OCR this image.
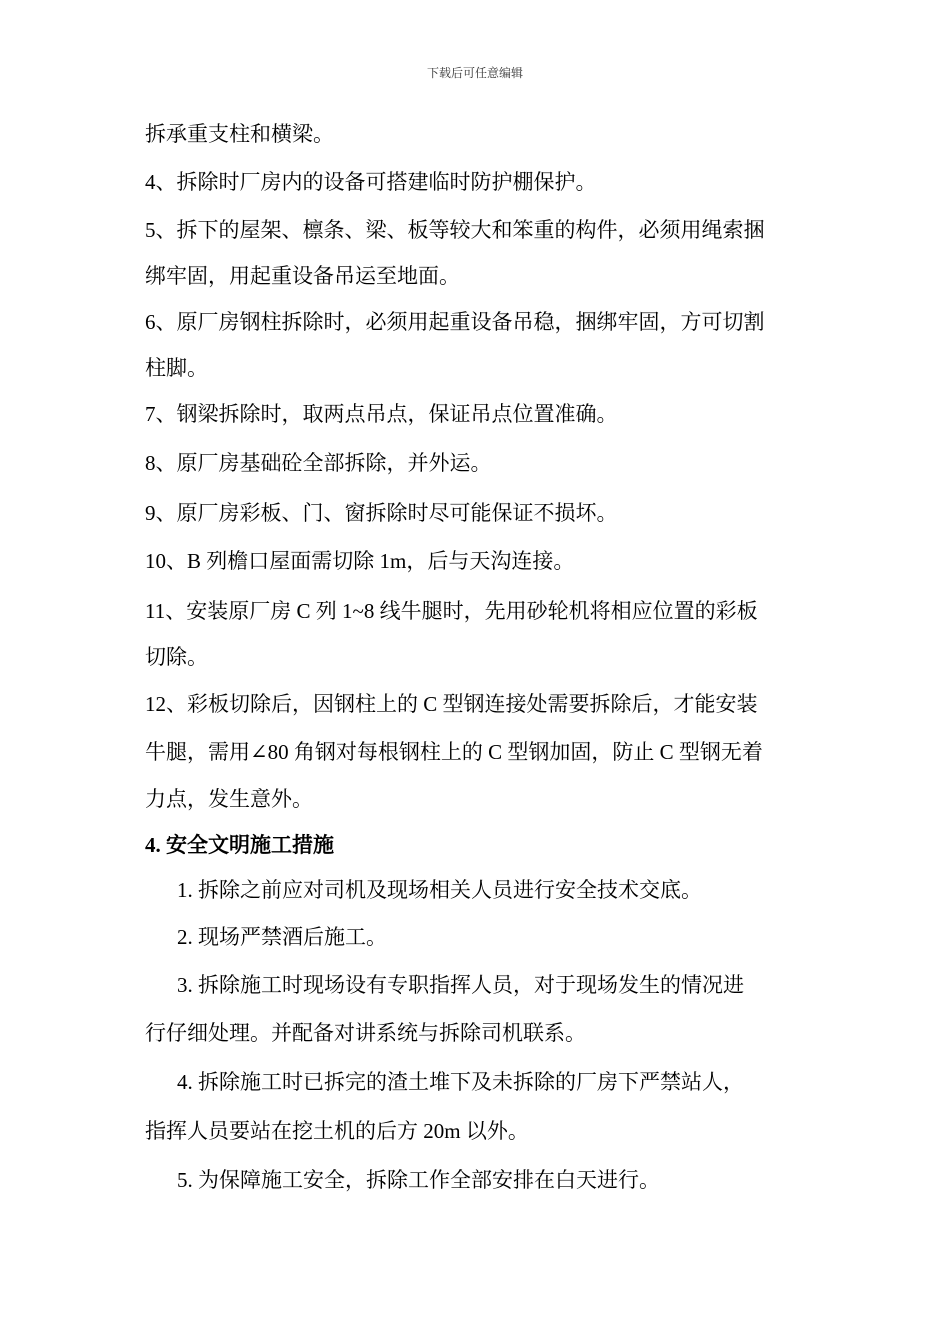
下载后可任意编辑
拆承重支柱和横梁。
4、拆除时厂房内的设备可搭建临时防护棚保护。
5、拆下的屋架、檩条、梁、板等较大和笨重的构件，必须用绳索捆
绑牢固，用起重设备吊运至地面。
6、原厂房钢柱拆除时，必须用起重设备吊稳，捆绑牢固，方可切割
柱脚。
7、钢梁拆除时，取两点吊点，保证吊点位置准确。
8、原厂房基础砼全部拆除，并外运。
9、原厂房彩板、门、窗拆除时尽可能保证不损坏。
10、B 列檐口屋面需切除 1m，后与天沟连接。
11、安装原厂房 C 列 1~8 线牛腿时，先用砂轮机将相应位置的彩板
切除。
12、彩板切除后，因钢柱上的 C 型钢连接处需要拆除后，才能安装
牛腿，需用∠80 角钢对每根钢柱上的 C 型钢加固，防止 C 型钢无着
力点，发生意外。
4. 安全文明施工措施
1. 拆除之前应对司机及现场相关人员进行安全技术交底。
2. 现场严禁酒后施工。
3. 拆除施工时现场设有专职指挥人员，对于现场发生的情况进
行仔细处理。并配备对讲系统与拆除司机联系。
4. 拆除施工时已拆完的渣土堆下及未拆除的厂房下严禁站人，
指挥人员要站在挖土机的后方 20m 以外。
5. 为保障施工安全，拆除工作全部安排在白天进行。
